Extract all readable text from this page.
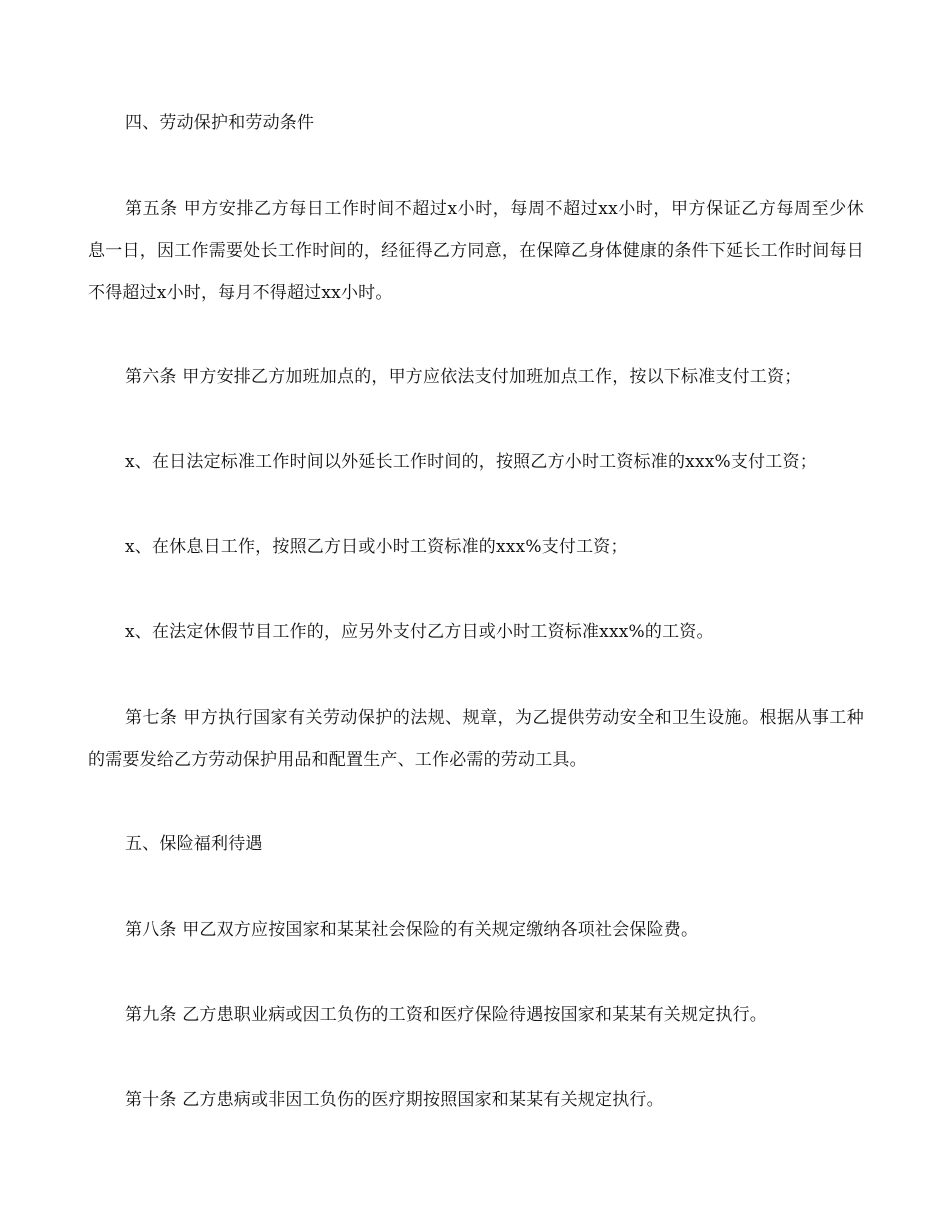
四、劳动保护和劳动条件

第五条 甲方安排乙方每日工作时间不超过x小时，每周不超过xx小时，甲方保证乙方每周至少休息一日，因工作需要处长工作时间的，经征得乙方同意，在保障乙身体健康的条件下延长工作时间每日不得超过x小时，每月不得超过xx小时。

第六条 甲方安排乙方加班加点的，甲方应依法支付加班加点工作，按以下标准支付工资；

x、在日法定标准工作时间以外延长工作时间的，按照乙方小时工资标准的xxx%支付工资；

x、在休息日工作，按照乙方日或小时工资标准的xxx%支付工资；

x、在法定休假节目工作的，应另外支付乙方日或小时工资标准xxx%的工资。

第七条 甲方执行国家有关劳动保护的法规、规章，为乙提供劳动安全和卫生设施。根据从事工种的需要发给乙方劳动保护用品和配置生产、工作必需的劳动工具。

五、保险福利待遇

第八条 甲乙双方应按国家和某某社会保险的有关规定缴纳各项社会保险费。

第九条 乙方患职业病或因工负伤的工资和医疗保险待遇按国家和某某有关规定执行。

第十条 乙方患病或非因工负伤的医疗期按照国家和某某有关规定执行。
